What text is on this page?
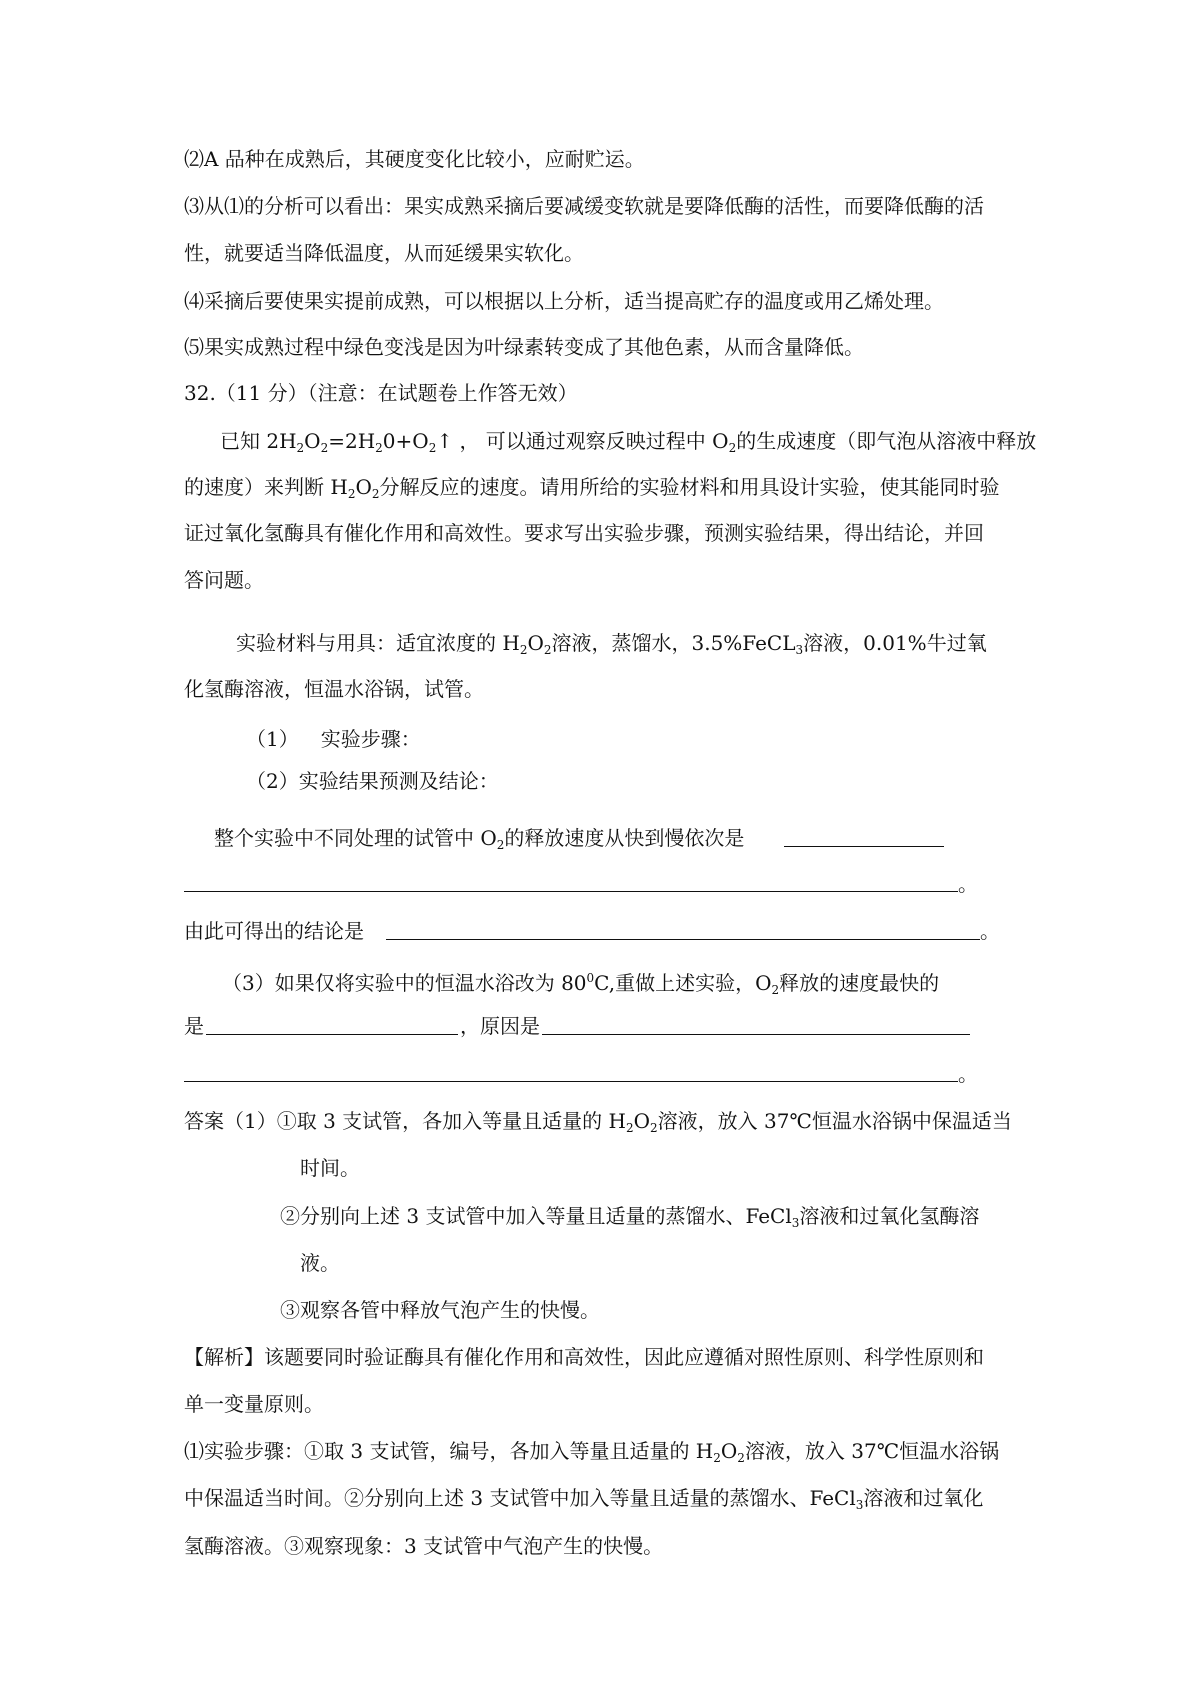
⑵A 品种在成熟后，其硬度变化比较小，应耐贮运。
⑶从⑴的分析可以看出：果实成熟采摘后要减缓变软就是要降低酶的活性，而要降低酶的活
性，就要适当降低温度，从而延缓果实软化。
⑷采摘后要使果实提前成熟，可以根据以上分析，适当提高贮存的温度或用乙烯处理。
⑸果实成熟过程中绿色变浅是因为叶绿素转变成了其他色素，从而含量降低。
32.（11 分）（注意：在试题卷上作答无效）
已知 $2H_2O_2=2H_20+O_2↑$ ， 可以通过观察反映过程中 $O_2$的生成速度（即气泡从溶液中释放
的速度）来判断 $H_2O_2$分解反应的速度。请用所给的实验材料和用具设计实验，使其能同时验
证过氧化氢酶具有催化作用和高效性。要求写出实验步骤，预测实验结果，得出结论，并回
答问题。
实验材料与用具：适宜浓度的 $H_2O_2$溶液，蒸馏水，3.5%FeCL$_3$溶液，0.01%牛过氧
化氢酶溶液，恒温水浴锅，试管。
（1） 实验步骤：
（2）实验结果预测及结论：
整个实验中不同处理的试管中 $O_2$的释放速度从快到慢依次是
。
由此可得出的结论是	。
（3）如果仅将实验中的恒温水浴改为 $80^0C$,重做上述实验，$O_2$释放的速度最快的
是	，原因是
。
答案（1）①取 3 支试管，各加入等量且适量的 $H_2O_2$溶液，放入 37℃恒温水浴锅中保温适当
时间。
②分别向上述 3 支试管中加入等量且适量的蒸馏水、FeCl$_3$溶液和过氧化氢酶溶
液。
③观察各管中释放气泡产生的快慢。
【解析】该题要同时验证酶具有催化作用和高效性，因此应遵循对照性原则、科学性原则和
单一变量原则。
⑴实验步骤：①取 3 支试管，编号，各加入等量且适量的 $H_2O_2$溶液，放入 37℃恒温水浴锅
中保温适当时间。②分别向上述 3 支试管中加入等量且适量的蒸馏水、FeCl$_3$溶液和过氧化
氢酶溶液。③观察现象：3 支试管中气泡产生的快慢。
